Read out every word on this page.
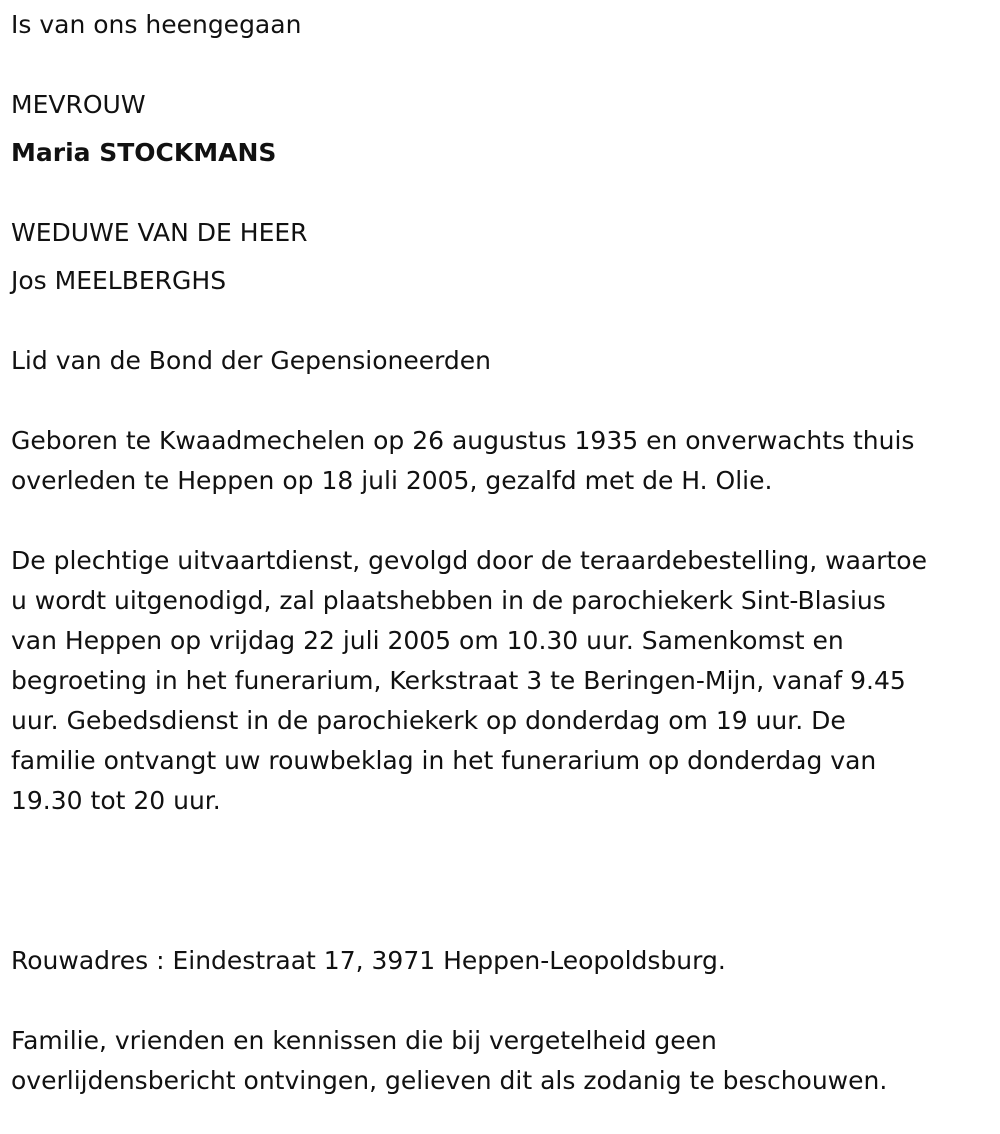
Is van ons heengegaan
MEVROUW
Maria STOCKMANS
WEDUWE VAN DE HEER
Jos MEELBERGHS
Lid van de Bond der Gepensioneerden
Geboren te Kwaadmechelen op 26 augustus 1935 en onverwachts thuis
overleden te Heppen op 18 juli 2005, gezalfd met de H. Olie.
De plechtige uitvaartdienst, gevolgd door de teraardebestelling, waartoe
u wordt uitgenodigd, zal plaatshebben in de parochiekerk Sint-Blasius
van Heppen op vrijdag 22 juli 2005 om 10.30 uur. Samenkomst en
begroeting in het funerarium, Kerkstraat 3 te Beringen-Mijn, vanaf 9.45
uur. Gebedsdienst in de parochiekerk op donderdag om 19 uur. De
familie ontvangt uw rouwbeklag in het funerarium op donderdag van
19.30 tot 20 uur.
Rouwadres : Eindestraat 17, 3971 Heppen-Leopoldsburg.
Familie, vrienden en kennissen die bij vergetelheid geen
overlijdensbericht ontvingen, gelieven dit als zodanig te beschouwen.
